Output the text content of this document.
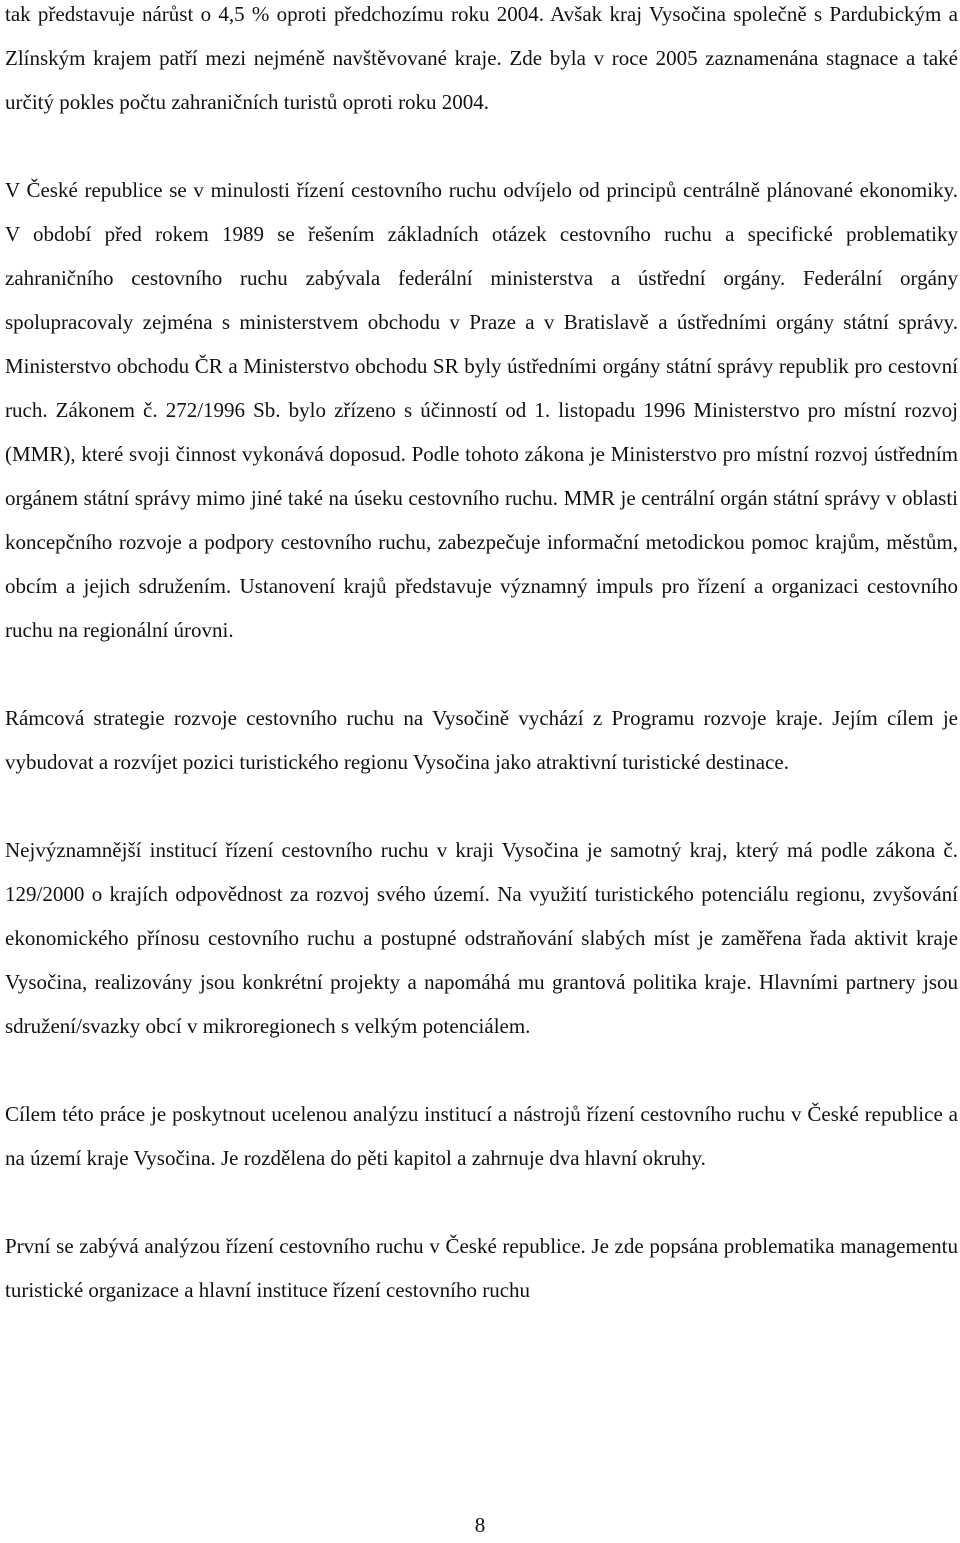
tak představuje nárůst o 4,5 % oproti předchozímu roku 2004. Avšak kraj Vysočina společně s Pardubickým a Zlínským krajem patří mezi nejméně navštěvované kraje. Zde byla v roce 2005 zaznamenána stagnace a také určitý pokles počtu zahraničních turistů oproti roku 2004.

V České republice se v minulosti řízení cestovního ruchu odvíjelo od principů centrálně plánované ekonomiky. V období před rokem 1989 se řešením základních otázek cestovního ruchu a specifické problematiky zahraničního cestovního ruchu zabývala federální ministerstva a ústřední orgány. Federální orgány spolupracovaly zejména s ministerstvem obchodu v Praze a v Bratislavě a ústředními orgány státní správy. Ministerstvo obchodu ČR a Ministerstvo obchodu SR byly ústředními orgány státní správy republik pro cestovní ruch. Zákonem č. 272/1996 Sb. bylo zřízeno s účinností od 1. listopadu 1996 Ministerstvo pro místní rozvoj (MMR), které svoji činnost vykonává doposud. Podle tohoto zákona je Ministerstvo pro místní rozvoj ústředním orgánem státní správy mimo jiné také na úseku cestovního ruchu. MMR je centrální orgán státní správy v oblasti koncepčního rozvoje a podpory cestovního ruchu, zabezpečuje informační metodickou pomoc krajům, městům, obcím a jejich sdružením. Ustanovení krajů představuje významný impuls pro řízení a organizaci cestovního ruchu na regionální úrovni.

Rámcová strategie rozvoje cestovního ruchu na Vysočině vychází z Programu rozvoje kraje. Jejím cílem je vybudovat a rozvíjet pozici turistického regionu Vysočina jako atraktivní turistické destinace.

Nejvýznamnější institucí řízení cestovního ruchu v kraji Vysočina je samotný kraj, který má podle zákona č. 129/2000 o krajích odpovědnost za rozvoj svého území. Na využití turistického potenciálu regionu, zvyšování ekonomického přínosu cestovního ruchu a postupné odstraňování slabých míst je zaměřena řada aktivit kraje Vysočina, realizovány jsou konkrétní projekty a napomáhá mu grantová politika kraje. Hlavními partnery jsou sdružení/svazky obcí v mikroregionech s velkým potenciálem.

Cílem této práce je poskytnout ucelenou analýzu institucí a nástrojů řízení cestovního ruchu v České republice a na území kraje Vysočina. Je rozdělena do pěti kapitol a zahrnuje dva hlavní okruhy.

První se zabývá analýzou řízení cestovního ruchu v České republice. Je zde popsána problematika managementu turistické organizace a hlavní instituce řízení cestovního ruchu

8
